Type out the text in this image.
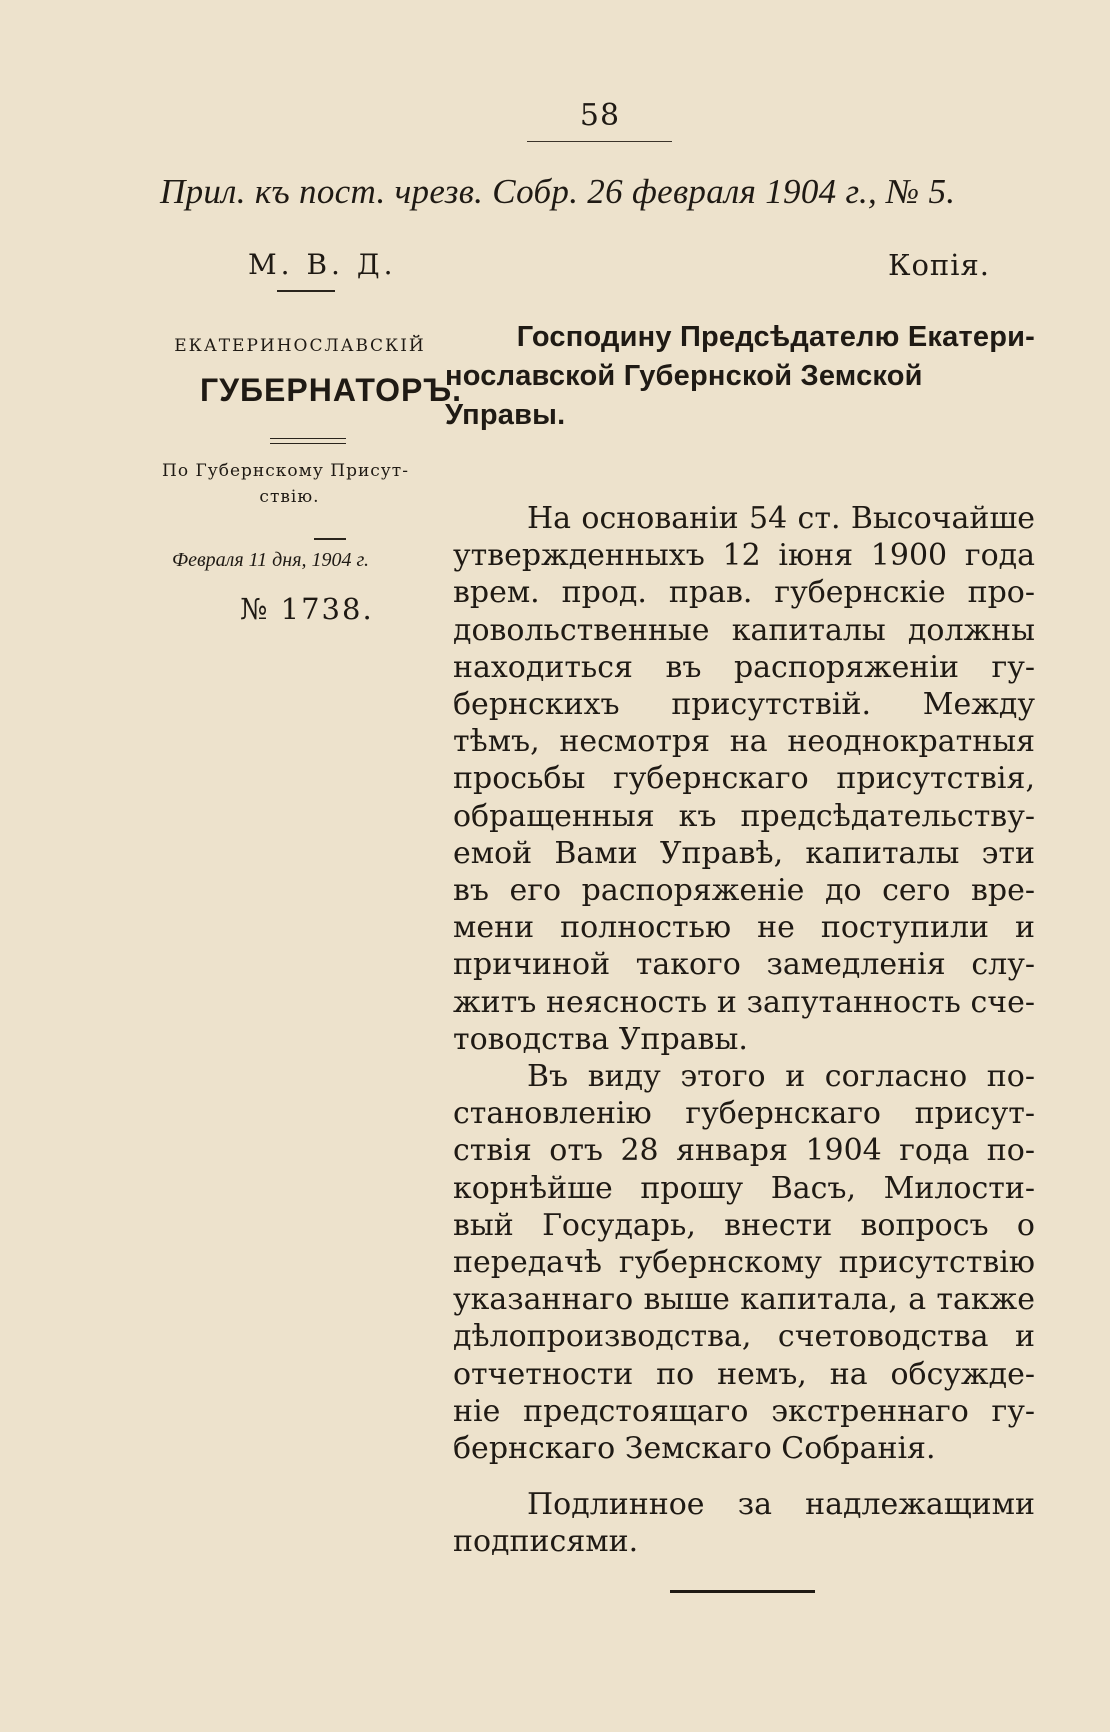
58
Прил. къ пост. чрезв. Собр. 26 февраля 1904 г., № 5.
М. В. Д.	Копія.
ЕКАТЕРИНОСЛАВСКІЙ
ГУБЕРНАТОРЪ.
По Губернскому Присут-
ствію.
Февраля 11 дня, 1904 г.
№ 1738.
Господину Предсѣдателю Екатери-
нославской Губернской Земской Управы.
На основаніи 54 ст. Высочайше
утвержденныхъ 12 іюня 1900 года
врем. прод. прав. губернскіе про-
довольственные капиталы должны
находиться въ распоряженіи гу-
бернскихъ присутствій. Между
тѣмъ, несмотря на неоднократныя
просьбы губернскаго присутствія,
обращенныя къ предсѣдательству-
емой Вами Управѣ, капиталы эти
въ его распоряженіе до сего вре-
мени полностью не поступили и
причиной такого замедленія слу-
житъ неясность и запутанность сче-
товодства Управы.
Въ виду этого и согласно по-
становленію губернскаго присут-
ствія отъ 28 января 1904 года по-
корнѣйше прошу Васъ, Милости-
вый Государь, внести вопросъ о
передачѣ губернскому присутствію
указаннаго выше капитала, а также
дѣлопроизводства, счетоводства и
отчетности по немъ, на обсужде-
ніе предстоящаго экстреннаго гу-
бернскаго Земскаго Собранія.
Подлинное за надлежащими
подписями.
